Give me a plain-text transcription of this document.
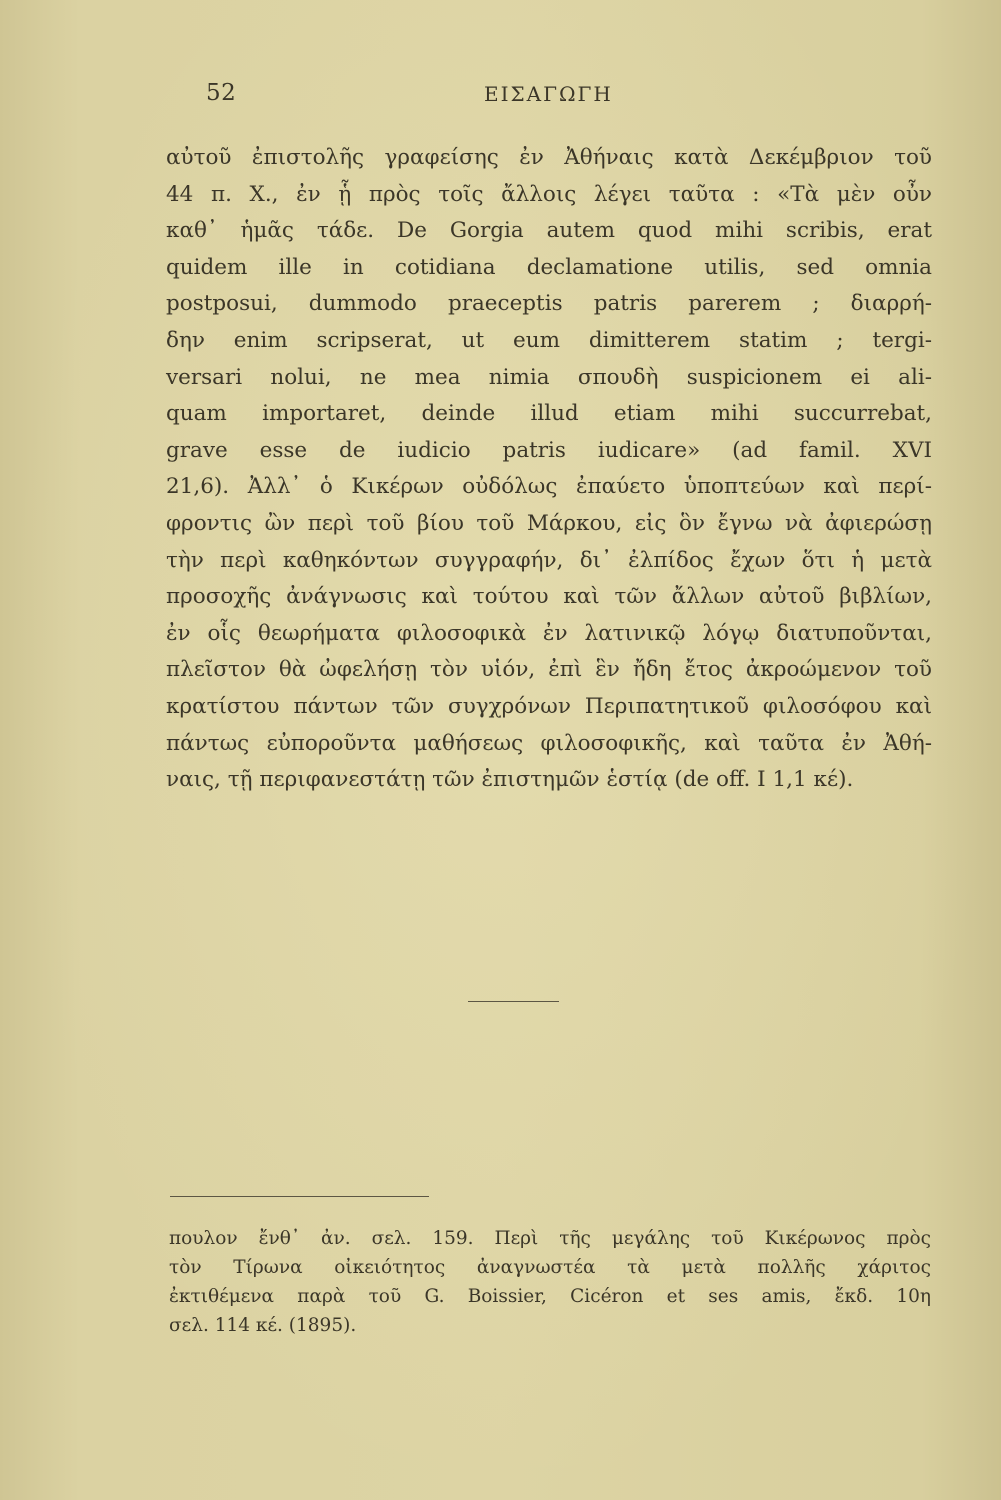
52	ΕΙΣΑΓΩΓΗ
αὐτοῦ ἐπιστολῆς γραφείσης ἐν Ἀθήναις κατὰ Δεκέμβριον τοῦ
44 π. Χ., ἐν ᾗ πρὸς τοῖς ἄλλοις λέγει ταῦτα : «Τὰ μὲν οὖν
καθ᾽ ἡμᾶς τάδε. De Gorgia autem quod mihi scribis, erat
quidem ille in cotidiana declamatione utilis, sed omnia
postposui, dummodo praeceptis patris parerem ; διαρρή-
δην enim scripserat, ut eum dimitterem statim ; tergi-
versari nolui, ne mea nimia σπουδὴ suspicionem ei ali-
quam importaret, deinde illud etiam mihi succurrebat,
grave esse de iudicio patris iudicare» (ad famil. XVI
21,6). Ἀλλ᾽ ὁ Κικέρων οὐδόλως ἐπαύετο ὑποπτεύων καὶ περί-
φροντις ὢν περὶ τοῦ βίου τοῦ Μάρκου, εἰς ὃν ἔγνω νὰ ἀφιερώσῃ
τὴν περὶ καθηκόντων συγγραφήν, δι᾽ ἐλπίδος ἔχων ὅτι ἡ μετὰ
προσοχῆς ἀνάγνωσις καὶ τούτου καὶ τῶν ἄλλων αὐτοῦ βιβλίων,
ἐν οἷς θεωρήματα φιλοσοφικὰ ἐν λατινικῷ λόγῳ διατυποῦνται,
πλεῖστον θὰ ὠφελήσῃ τὸν υἱόν, ἐπὶ ἓν ἤδη ἔτος ἀκροώμενον τοῦ
κρατίστου πάντων τῶν συγχρόνων Περιπατητικοῦ φιλοσόφου καὶ
πάντως εὐποροῦντα μαθήσεως φιλοσοφικῆς, καὶ ταῦτα ἐν Ἀθή-
ναις, τῇ περιφανεστάτῃ τῶν ἐπιστημῶν ἑστίᾳ (de off. I 1,1 κέ).
πουλον ἔνθ᾽ ἀν. σελ. 159. Περὶ τῆς μεγάλης τοῦ Κικέρωνος πρὸς
τὸν Τίρωνα οἰκειότητος ἀναγνωστέα τὰ μετὰ πολλῆς χάριτος
ἐκτιθέμενα παρὰ τοῦ G. Boissier, Cicéron et ses amis, ἔκδ. 10η
σελ. 114 κέ. (1895).
